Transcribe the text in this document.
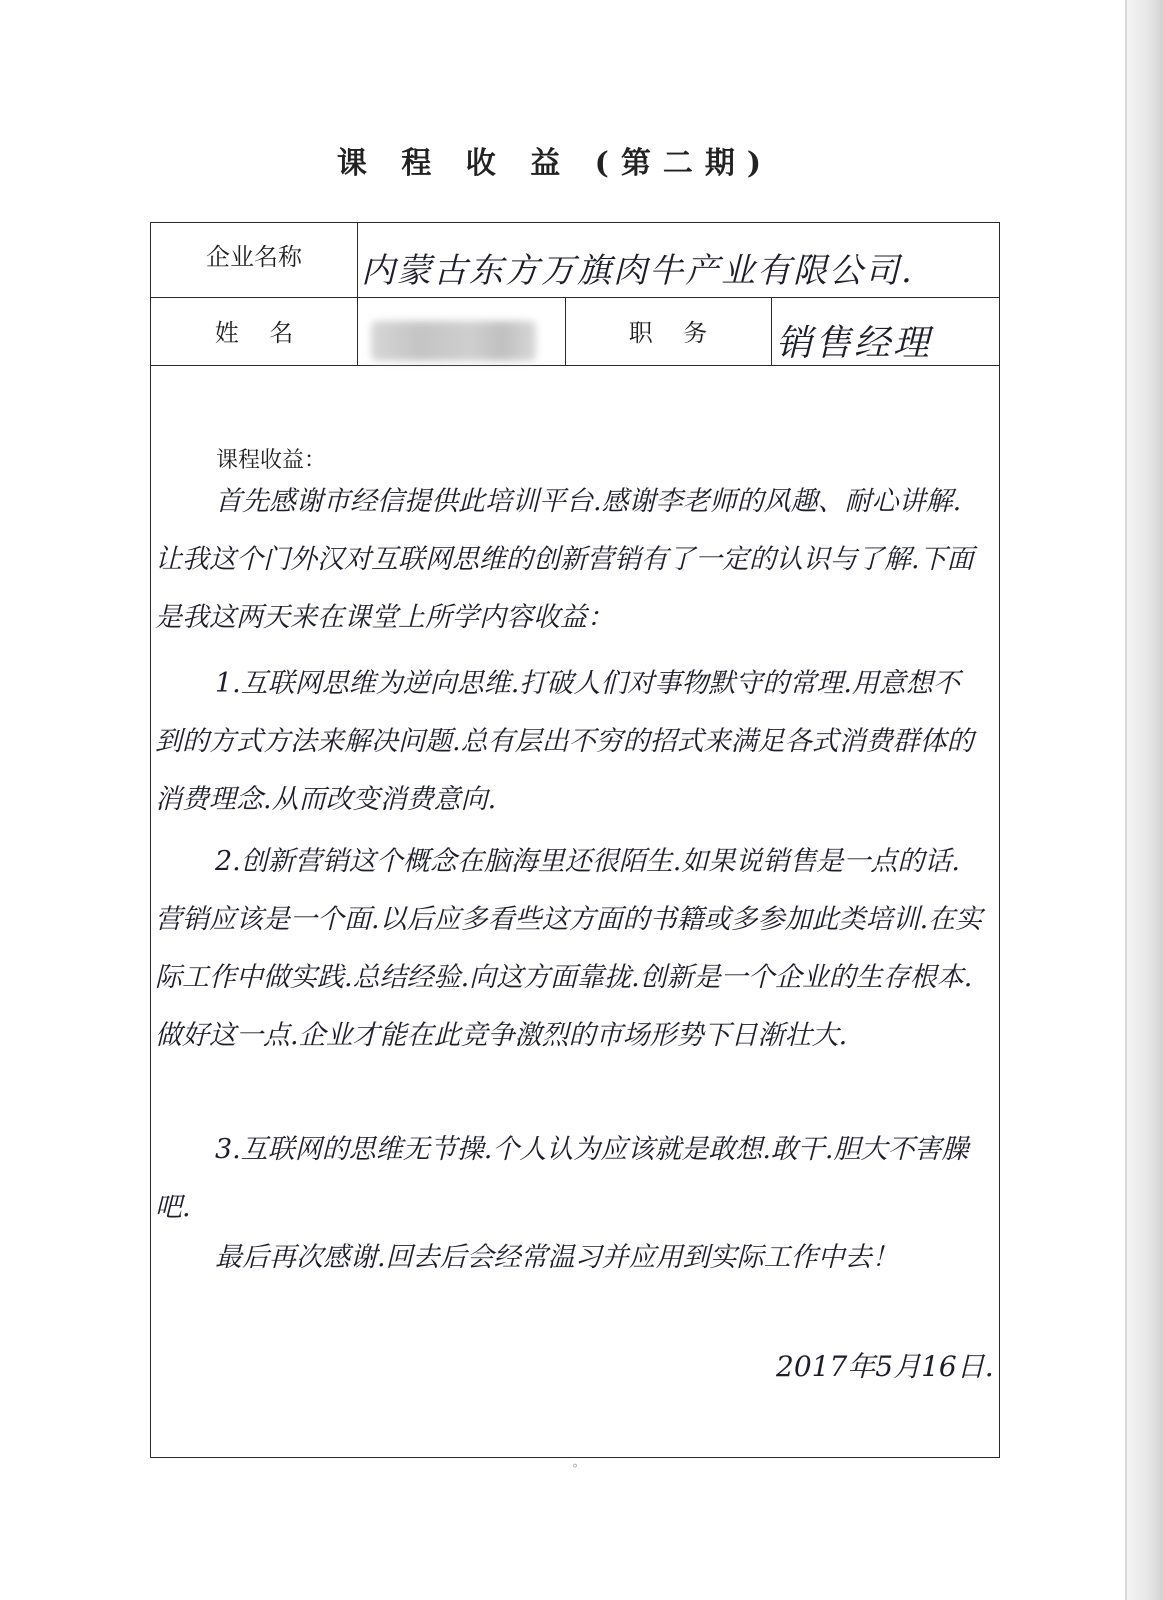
课 程 收 益 (第二期)
企业名称	内蒙古东方万旗肉牛产业有限公司.
姓    名	职    务	销售经理
课程收益：

首先感谢市经信提供此培训平台.感谢李老师的风趣、耐心讲解.让我这个门外汉对互联网思维的创新营销有了一定的认识与了解.下面是我这两天来在课堂上所学内容收益：

1.互联网思维为逆向思维.打破人们对事物默守的常理.用意想不到的方式方法来解决问题.总有层出不穷的招式来满足各式消费群体的消费理念.从而改变消费意向.

2.创新营销这个概念在脑海里还很陌生.如果说销售是一点的话.营销应该是一个面.以后应多看些这方面的书籍或多参加此类培训.在实际工作中做实践.总结经验.向这方面靠拢.创新是一个企业的生存根本.做好这一点.企业才能在此竞争激烈的市场形势下日渐壮大.

3.互联网的思维无节操.个人认为应该就是敢想.敢干.胆大不害臊吧.

最后再次感谢.回去后会经常温习并应用到实际工作中去！

2017年5月16日.
°
